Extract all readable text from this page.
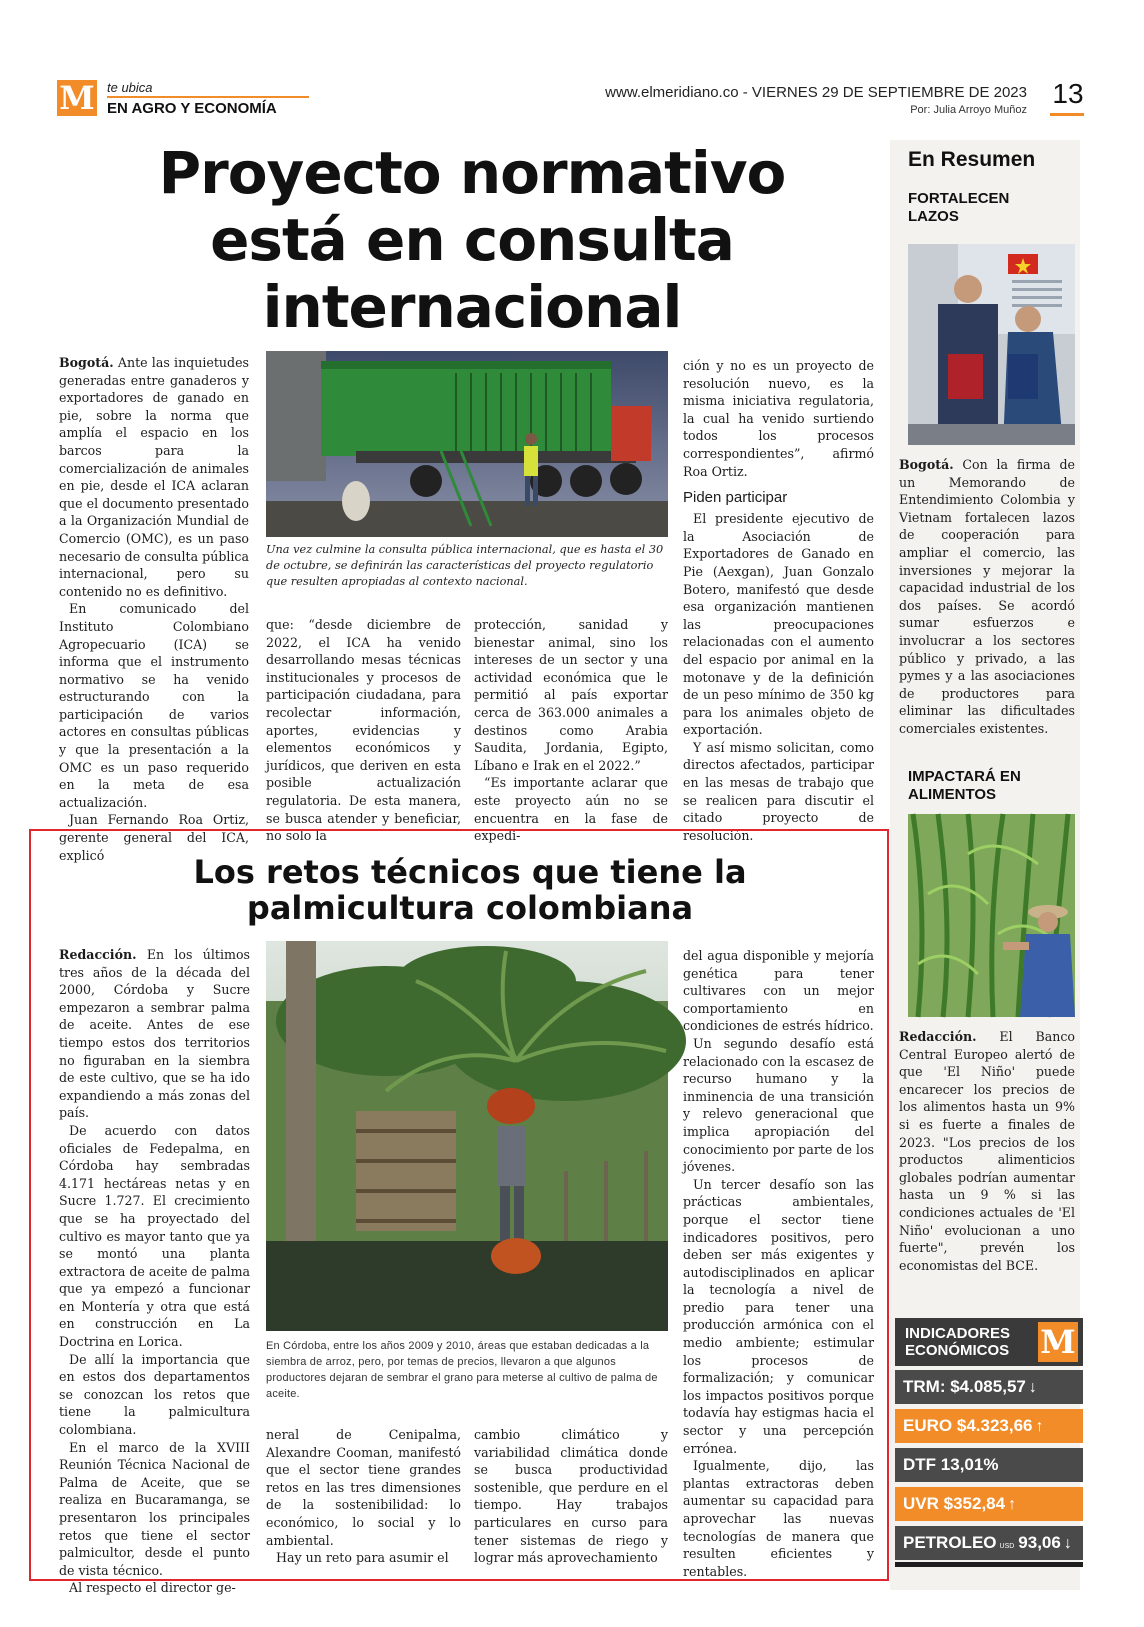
M te ubica
EN AGRO Y ECONOMÍA
www.elmeridiano.co - VIERNES 29 DE SEPTIEMBRE DE 2023
Por: Julia Arroyo Muñoz
13
Proyecto normativo
está en consulta
internacional

Bogotá. Ante las inquietudes generadas entre ganaderos y exportadores de ganado en pie, sobre la norma que amplía el espacio en los barcos para la comercialización de animales en pie, desde el ICA aclaran que el documento presentado a la Organización Mundial de Comercio (OMC), es un paso necesario de consulta pública internacional, pero su contenido no es definitivo.

En comunicado del Instituto Colombiano Agropecuario (ICA) se informa que el instrumento normativo se ha venido estructurando con la participación de varios actores en consultas públicas y que la presentación a la OMC es un paso requerido en la meta de esa actualización.

Juan Fernando Roa Ortiz, gerente general del ICA, explicó

Una vez culmine la consulta pública internacional, que es hasta el 30 de octubre, se definirán las características del proyecto regulatorio que resulten apropiadas al contexto nacional.

que: “desde diciembre de 2022, el ICA ha venido desarrollando mesas técnicas institucionales y procesos de participación ciudadana, para recolectar información, aportes, evidencias y elementos económicos y jurídicos, que deriven en esta posible actualización regulatoria. De esta manera, se busca atender y beneficiar, no solo la

protección, sanidad y bienestar animal, sino los intereses de un sector y una actividad económica que le permitió al país exportar cerca de 363.000 animales a destinos como Arabia Saudita, Jordania, Egipto, Líbano e Irak en el 2022.”

“Es importante aclarar que este proyecto aún no se encuentra en la fase de expedi-

ción y no es un proyecto de resolución nuevo, es la misma iniciativa regulatoria, la cual ha venido surtiendo todos los procesos correspondientes”, afirmó Roa Ortiz.

Piden participar

El presidente ejecutivo de la Asociación de Exportadores de Ganado en Pie (Aexgan), Juan Gonzalo Botero, manifestó que desde esa organización mantienen las preocupaciones relacionadas con el aumento del espacio por animal en la motonave y de la definición de un peso mínimo de 350 kg para los animales objeto de exportación.

Y así mismo solicitan, como directos afectados, participar en las mesas de trabajo que se realicen para discutir el citado proyecto de resolución.

Los retos técnicos que tiene la
palmicultura colombiana

Redacción. En los últimos tres años de la década del 2000, Córdoba y Sucre empezaron a sembrar palma de aceite. Antes de ese tiempo estos dos territorios no figuraban en la siembra de este cultivo, que se ha ido expandiendo a más zonas del país.

De acuerdo con datos oficiales de Fedepalma, en Córdoba hay sembradas 4.171 hectáreas netas y en Sucre 1.727. El crecimiento que se ha proyectado del cultivo es mayor tanto que ya se montó una planta extractora de aceite de palma que ya empezó a funcionar en Montería y otra que está en construcción en La Doctrina en Lorica.

De allí la importancia que en estos dos departamentos se conozcan los retos que tiene la palmicultura colombiana.

En el marco de la XVIII Reunión Técnica Nacional de Palma de Aceite, que se realiza en Bucaramanga, se presentaron los principales retos que tiene el sector palmicultor, desde el punto de vista técnico.

Al respecto el director ge-

En Córdoba, entre los años 2009 y 2010, áreas que estaban dedicadas a la siembra de arroz, pero, por temas de precios, llevaron a que algunos productores dejaran de sembrar el grano para meterse al cultivo de palma de aceite.

neral de Cenipalma, Alexandre Cooman, manifestó que el sector tiene grandes retos en las tres dimensiones de la sostenibilidad: lo económico, lo social y lo ambiental.

Hay un reto para asumir el

cambio climático y variabilidad climática donde se busca productividad sostenible, que perdure en el tiempo. Hay trabajos particulares en curso para tener sistemas de riego y lograr más aprovechamiento

del agua disponible y mejoría genética para tener cultivares con un mejor comportamiento en condiciones de estrés hídrico.

Un segundo desafío está relacionado con la escasez de recurso humano y la inminencia de una transición y relevo generacional que implica apropiación del conocimiento por parte de los jóvenes.

Un tercer desafío son las prácticas ambientales, porque el sector tiene indicadores positivos, pero deben ser más exigentes y autodisciplinados en aplicar la tecnología a nivel de predio para tener una producción armónica con el medio ambiente; estimular los procesos de formalización; y comunicar los impactos positivos porque todavía hay estigmas hacia el sector y una percepción errónea.

Igualmente, dijo, las plantas extractoras deben aumentar su capacidad para aprovechar las nuevas tecnologías de manera que resulten eficientes y rentables.

En Resumen
FORTALECEN
LAZOS

Bogotá. Con la firma de un Memorando de Entendimiento Colombia y Vietnam fortalecen lazos de cooperación para ampliar el comercio, las inversiones y mejorar la capacidad industrial de los dos países. Se acordó sumar esfuerzos e involucrar a los sectores público y privado, a las pymes y a las asociaciones de productores para eliminar las dificultades comerciales existentes.

IMPACTARÁ EN
ALIMENTOS

Redacción. El Banco Central Europeo alertó de que 'El Niño' puede encarecer los precios de los alimentos hasta un 9% si es fuerte a finales de 2023. "Los precios de los productos alimenticios globales podrían aumentar hasta un 9 % si las condiciones actuales de 'El Niño' evolucionan a uno fuerte", prevén los economistas del BCE.

INDICADORES
ECONÓMICOS M
TRM: $4.085,57 ↓
EURO $4.323,66 ↑
DTF 13,01%
UVR $352,84 ↑
PETROLEO USD 93,06 ↓
